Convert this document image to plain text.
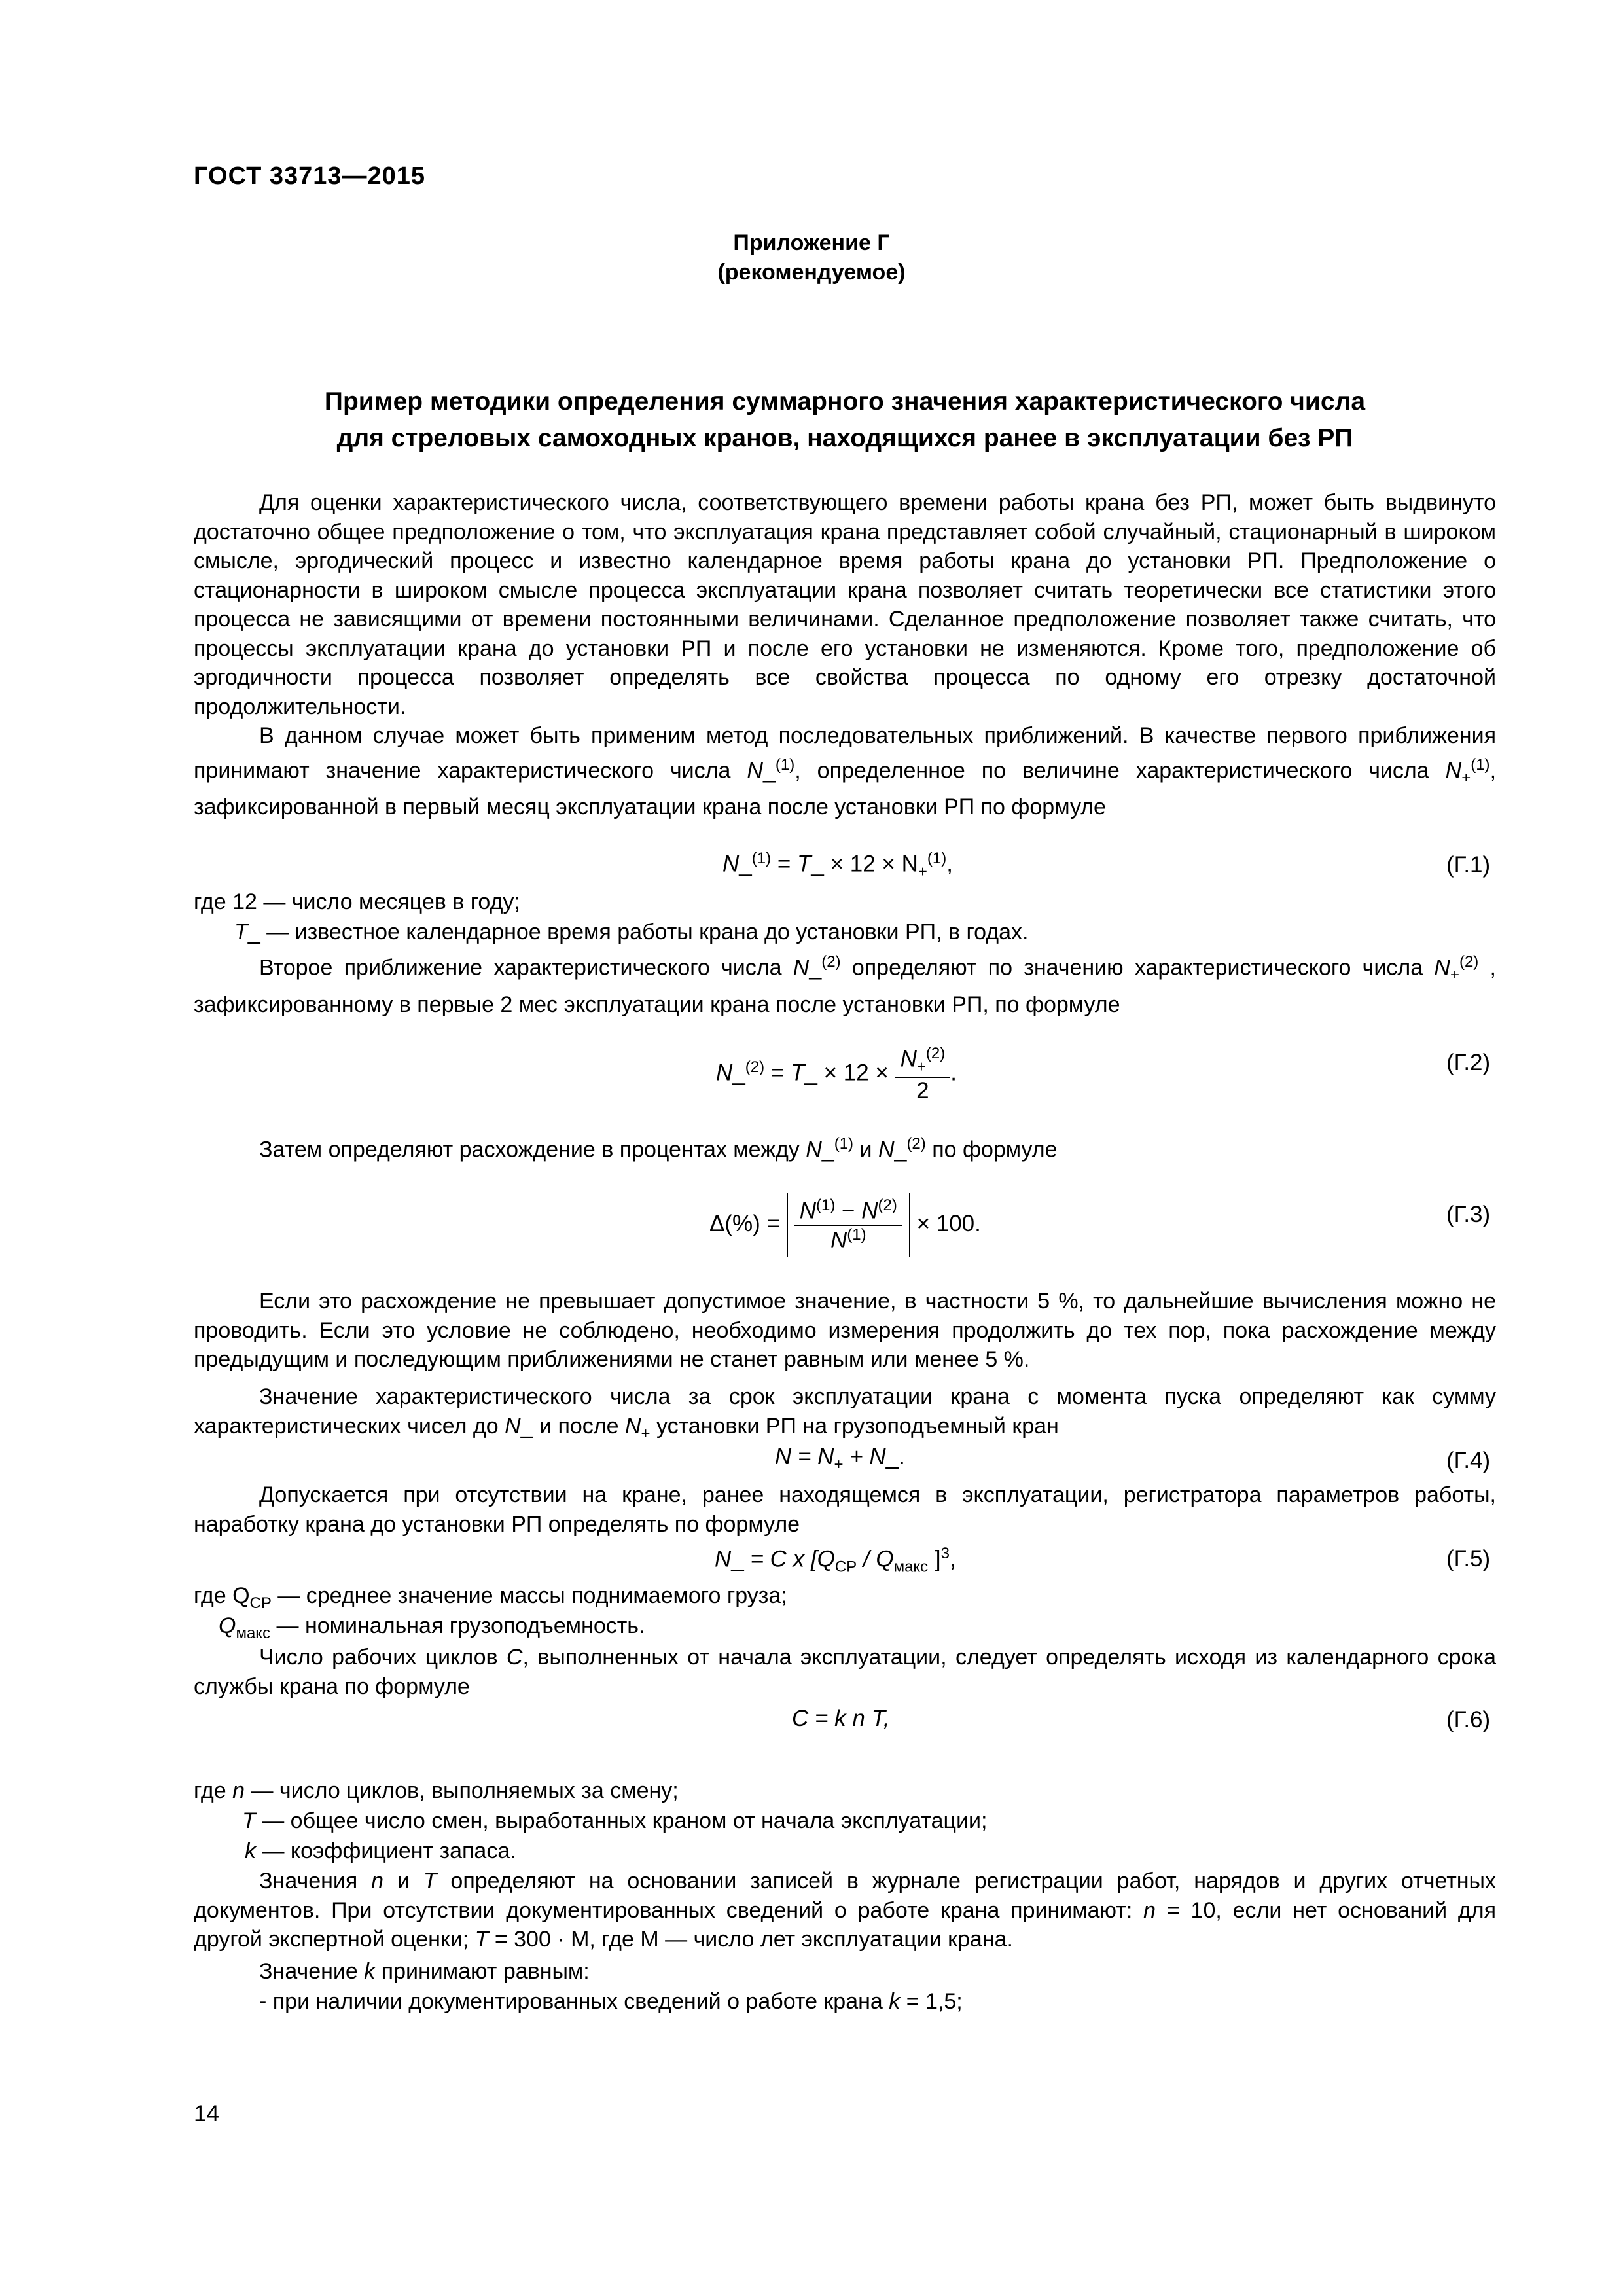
ГОСТ 33713—2015
Приложение Г
(рекомендуемое)
Пример методики определения суммарного значения характеристического числа
для стреловых самоходных кранов, находящихся ранее в эксплуатации без РП
Для оценки характеристического числа, соответствующего времени работы крана без РП, может быть выдвинуто достаточно общее предположение о том, что эксплуатация крана представляет собой случайный, стационарный в широком смысле, эргодический процесс и известно календарное время работы крана до установки РП. Предположение о стационарности в широком смысле процесса эксплуатации крана позволяет считать теоретически все статистики этого процесса не зависящими от времени постоянными величинами. Сделанное предположение позволяет также считать, что процессы эксплуатации крана до установки РП и после его установки не изменяются. Кроме того, предположение об эргодичности процесса позволяет определять все свойства процесса по одному его отрезку достаточной продолжительности.
В данном случае может быть применим метод последовательных приближений. В качестве первого приближения принимают значение характеристического числа N_$^{(1)}$, определенное по величине характеристического числа $N_+^{(1)}$, зафиксированной в первый месяц эксплуатации крана после установки РП по формуле
N_$^{(1)}$ = T_ × $12 \times N_+^{(1)}$,	(Г.1)
где 12 — число месяцев в году;
T_ — известное календарное время работы крана до установки РП, в годах.
Второе приближение характеристического числа N_$^{(2)}$ определяют по значению характеристического числа $N_+^{(2)}$ , зафиксированному в первые 2 мес эксплуатации крана после установки РП, по формуле
N_$^{(2)}$ = T_ × $12 \times \frac{N_+^{(2)}}{2}$ .	(Г.2)
Затем определяют расхождение в процентах между N_$^{(1)}$ и N_$^{(2)}$ по формуле
$\Delta(\%) = \frac{N^{(1)} - N^{(2)}}{N^{(1)}} \times 100$.	(Г.3)
Если это расхождение не превышает допустимое значение, в частности 5 %, то дальнейшие вычисления можно не проводить. Если это условие не соблюдено, необходимо измерения продолжить до тех пор, пока расхождение между предыдущим и последующим приближениями не станет равным или менее 5 %.
Значение характеристического числа за срок эксплуатации крана с момента пуска определяют как сумму характеристических чисел до N_ и после $N_+$ установки РП на грузоподъемный кран
$N = N_+$ + N_.	(Г.4)
Допускается при отсутствии на кране, ранее находящемся в эксплуатации, регистратора параметров работы, наработку крана до установки РП определять по формуле
N_ = C x [$Q_{СР} / Q_{макс}$ ]$^3$,	(Г.5)
где $Q_{СР}$ — среднее значение массы поднимаемого груза;
$Q_{макс}$ — номинальная грузоподъемность.
Число рабочих циклов C, выполненных от начала эксплуатации, следует определять исходя из календарного срока службы крана по формуле
C = k n T,	(Г.6)
где n — число циклов, выполняемых за смену;
T — общее число смен, выработанных краном от начала эксплуатации;
k — коэффициент запаса.
Значения n и T определяют на основании записей в журнале регистрации работ, нарядов и других отчетных документов. При отсутствии документированных сведений о работе крана принимают: n = 10, если нет оснований для другой экспертной оценки; T = 300 · М, где М — число лет эксплуатации крана.
Значение k принимают равным:
- при наличии документированных сведений о работе крана k = 1,5;
14
